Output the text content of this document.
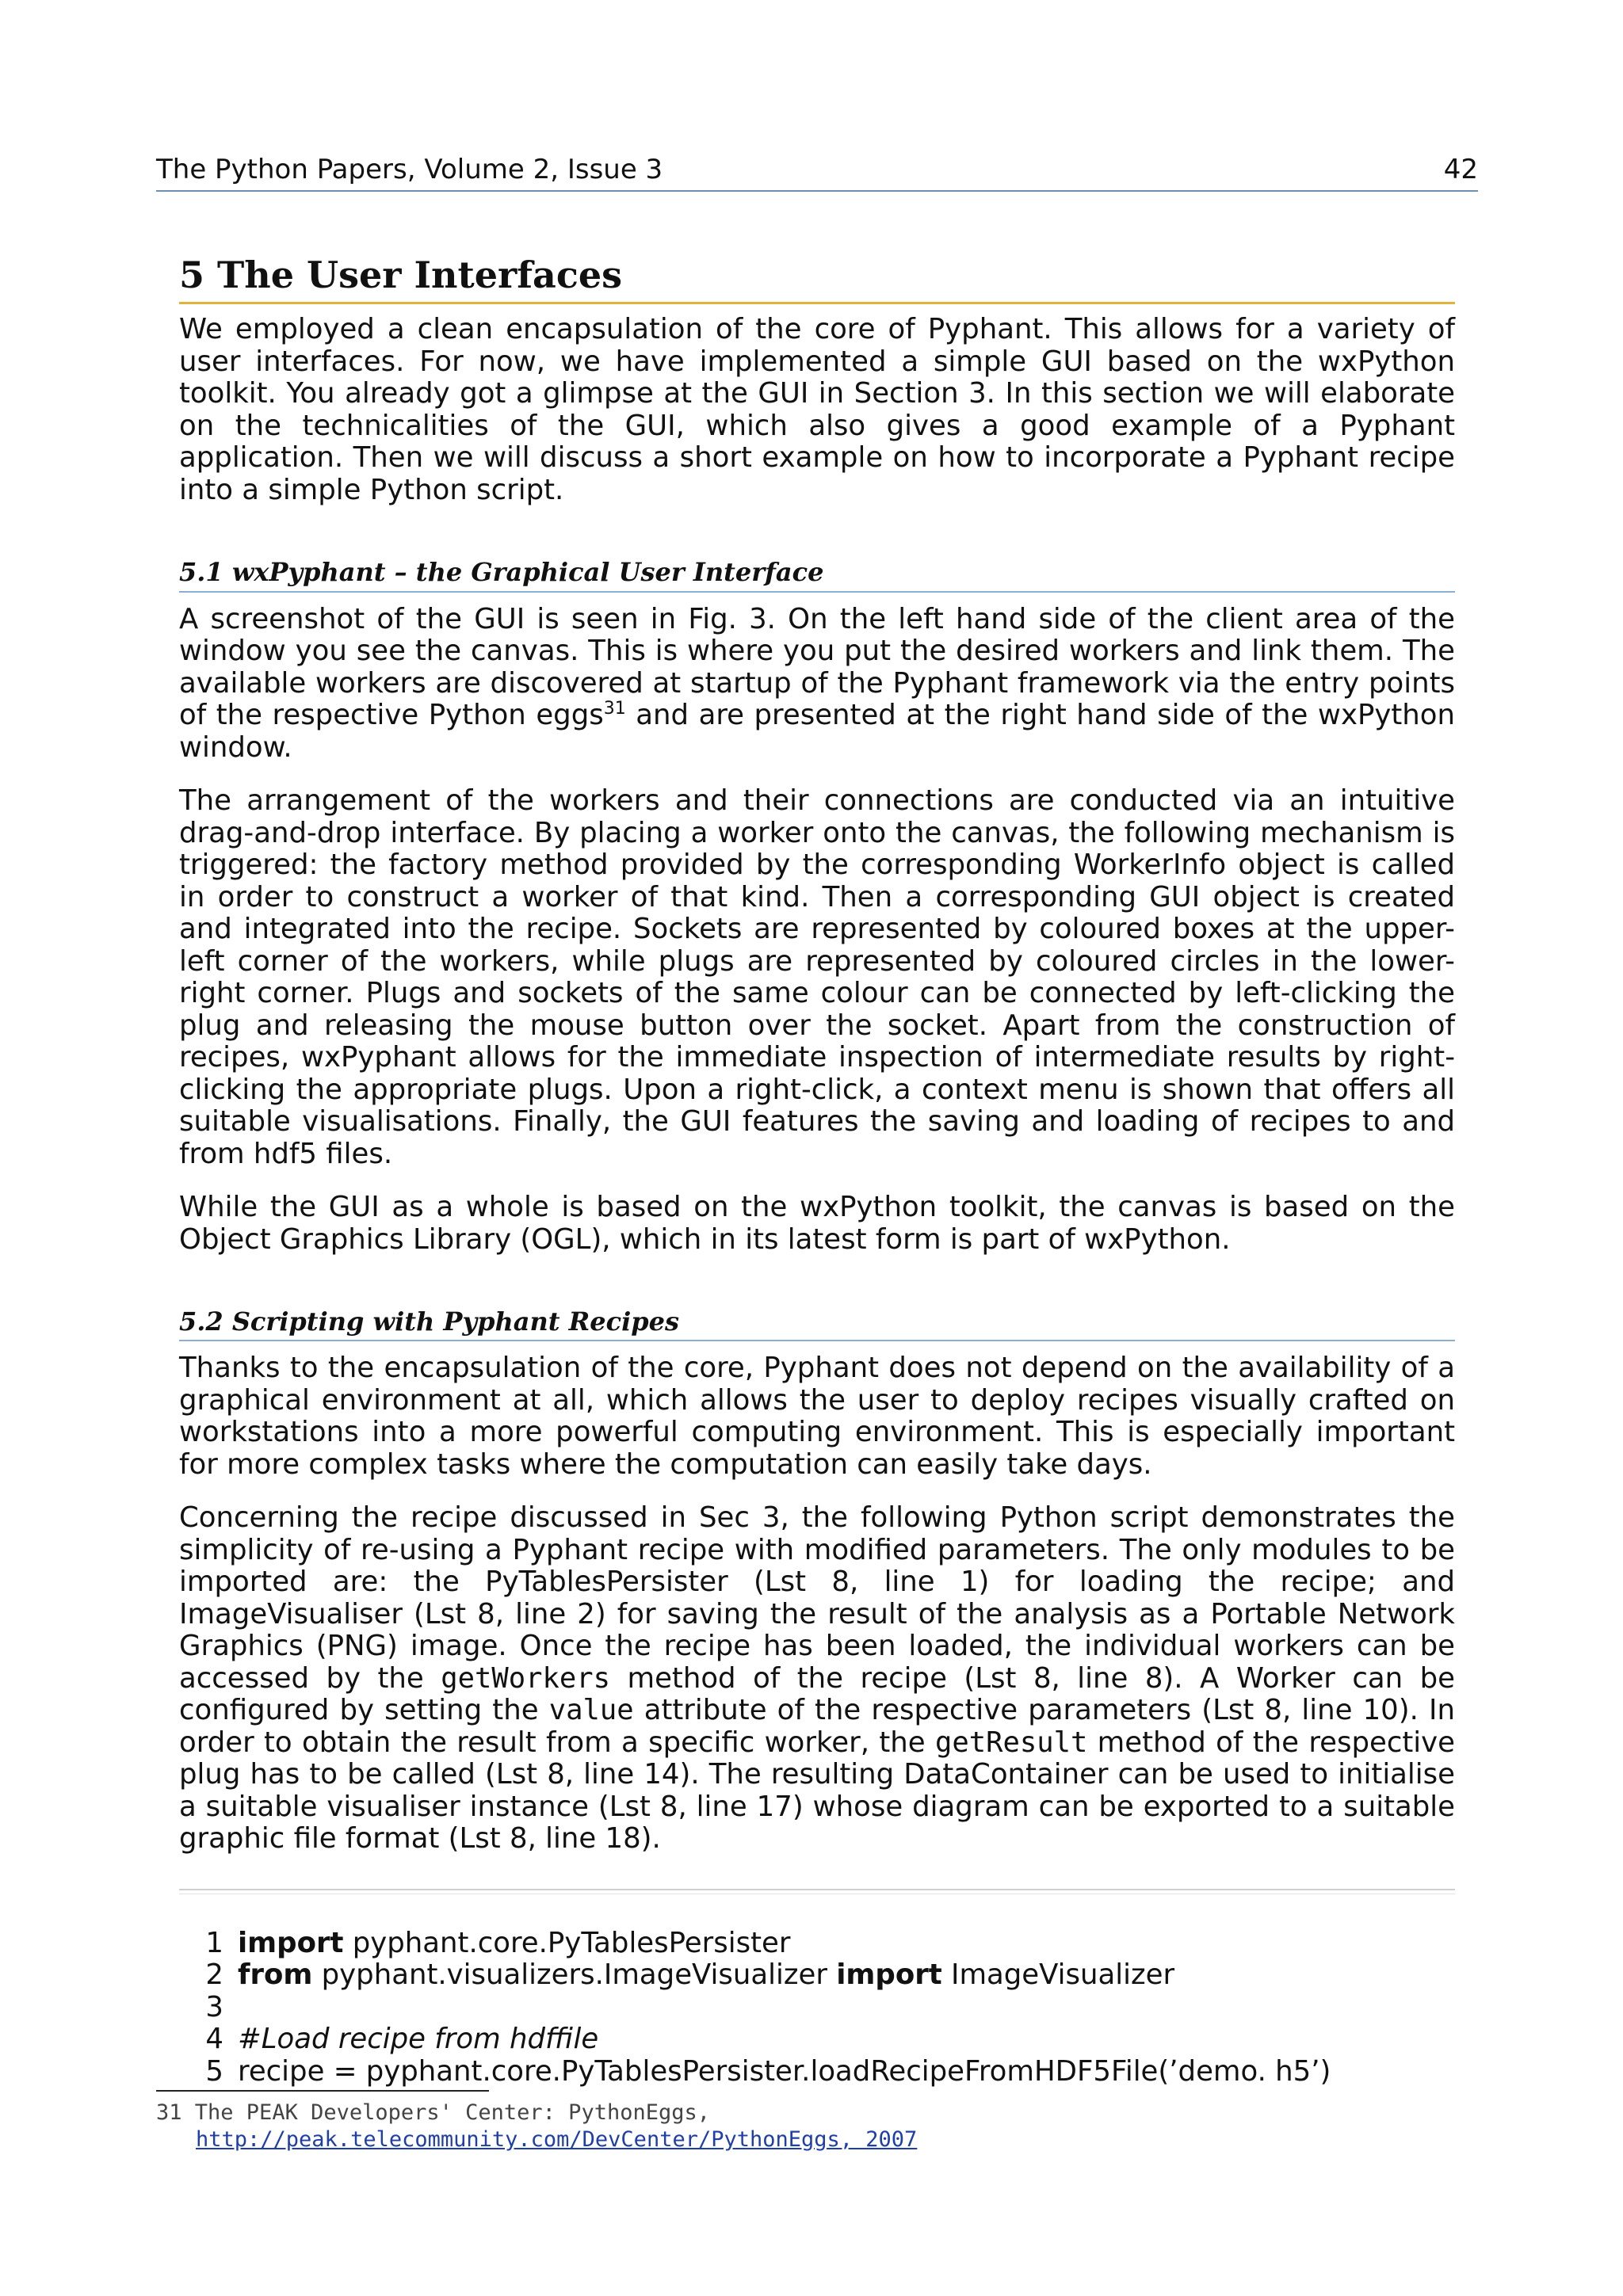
The Python Papers, Volume 2, Issue 3	42
5 The User Interfaces

We employed a clean encapsulation of the core of Pyphant. This allows for a variety of user interfaces. For now, we have implemented a simple GUI based on the wxPython toolkit. You already got a glimpse at the GUI in Section 3. In this section we will elaborate on the technicalities of the GUI, which also gives a good example of a Pyphant application. Then we will discuss a short example on how to incorporate a Pyphant recipe into a simple Python script.

5.1 wxPyphant – the Graphical User Interface

A screenshot of the GUI is seen in Fig. 3. On the left hand side of the client area of the window you see the canvas. This is where you put the desired workers and link them. The available workers are discovered at startup of the Pyphant framework via the entry points of the respective Python eggs$^{31}$ and are presented at the right hand side of the wxPython window.

The arrangement of the workers and their connections are conducted via an intuitive drag-and-drop interface. By placing a worker onto the canvas, the following mechanism is triggered: the factory method provided by the corresponding WorkerInfo object is called in order to construct a worker of that kind. Then a corresponding GUI object is created and integrated into the recipe. Sockets are represented by coloured boxes at the upper-left corner of the workers, while plugs are represented by coloured circles in the lower-right corner. Plugs and sockets of the same colour can be connected by left-clicking the plug and releasing the mouse button over the socket. Apart from the construction of recipes, wxPyphant allows for the immediate inspection of intermediate results by right-clicking the appropriate plugs. Upon a right-click, a context menu is shown that offers all suitable visualisations. Finally, the GUI features the saving and loading of recipes to and from hdf5 files.

While the GUI as a whole is based on the wxPython toolkit, the canvas is based on the Object Graphics Library (OGL), which in its latest form is part of wxPython.

5.2 Scripting with Pyphant Recipes

Thanks to the encapsulation of the core, Pyphant does not depend on the availability of a graphical environment at all, which allows the user to deploy recipes visually crafted on workstations into a more powerful computing environment. This is especially important for more complex tasks where the computation can easily take days.

Concerning the recipe discussed in Sec 3, the following Python script demonstrates the simplicity of re-using a Pyphant recipe with modified parameters. The only modules to be imported are: the PyTablesPersister (Lst 8, line 1) for loading the recipe; and ImageVisualiser (Lst 8, line 2) for saving the result of the analysis as a Portable Network Graphics (PNG) image. Once the recipe has been loaded, the individual workers can be accessed by the getWorkers method of the recipe (Lst 8, line 8). A Worker can be configured by setting the value attribute of the respective parameters (Lst 8, line 10). In order to obtain the result from a specific worker, the getResult method of the respective plug has to be called (Lst 8, line 14). The resulting DataContainer can be used to initialise a suitable visualiser instance (Lst 8, line 17) whose diagram can be exported to a suitable graphic file format (Lst 8, line 18).

1 import pyphant.core.PyTablesPersister
2 from pyphant.visualizers.ImageVisualizer import ImageVisualizer
3
4 #Load recipe from hdffile
5 recipe = pyphant.core.PyTablesPersister.loadRecipeFromHDF5File(’demo. h5’)
31 The PEAK Developers' Center: PythonEggs,
http://peak.telecommunity.com/DevCenter/PythonEggs, 2007
